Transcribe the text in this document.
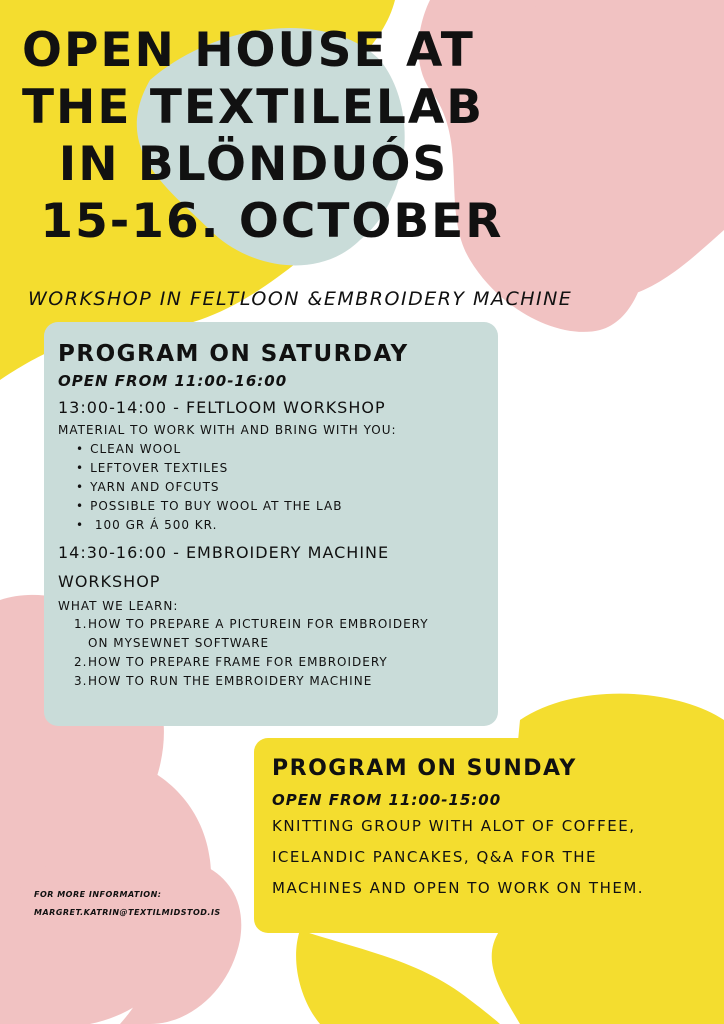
OPEN HOUSE AT
THE TEXTILELAB
IN BLÖNDUÓS
15-16. OCTOBER
WORKSHOP IN FELTLOON &EMBROIDERY MACHINE
PROGRAM ON SATURDAY
OPEN FROM 11:00-16:00
13:00-14:00 - FELTLOOM WORKSHOP
MATERIAL TO WORK WITH AND BRING WITH YOU:
• CLEAN WOOL
• LEFTOVER TEXTILES
• YARN AND OFCUTS
• POSSIBLE TO BUY WOOL AT THE LAB
• 100 GR Á 500 KR.
14:30-16:00 - EMBROIDERY MACHINE
WORKSHOP
WHAT WE LEARN:
1.HOW TO PREPARE A PICTUREIN FOR EMBROIDERY
ON MYSEWNET SOFTWARE
2.HOW TO PREPARE FRAME FOR EMBROIDERY
3.HOW TO RUN THE EMBROIDERY MACHINE
PROGRAM ON SUNDAY
OPEN FROM 11:00-15:00
KNITTING GROUP WITH ALOT OF COFFEE,
ICELANDIC PANCAKES, Q&A FOR THE
MACHINES AND OPEN TO WORK ON THEM.
FOR MORE INFORMATION:
MARGRET.KATRIN@TEXTILMIDSTOD.IS
